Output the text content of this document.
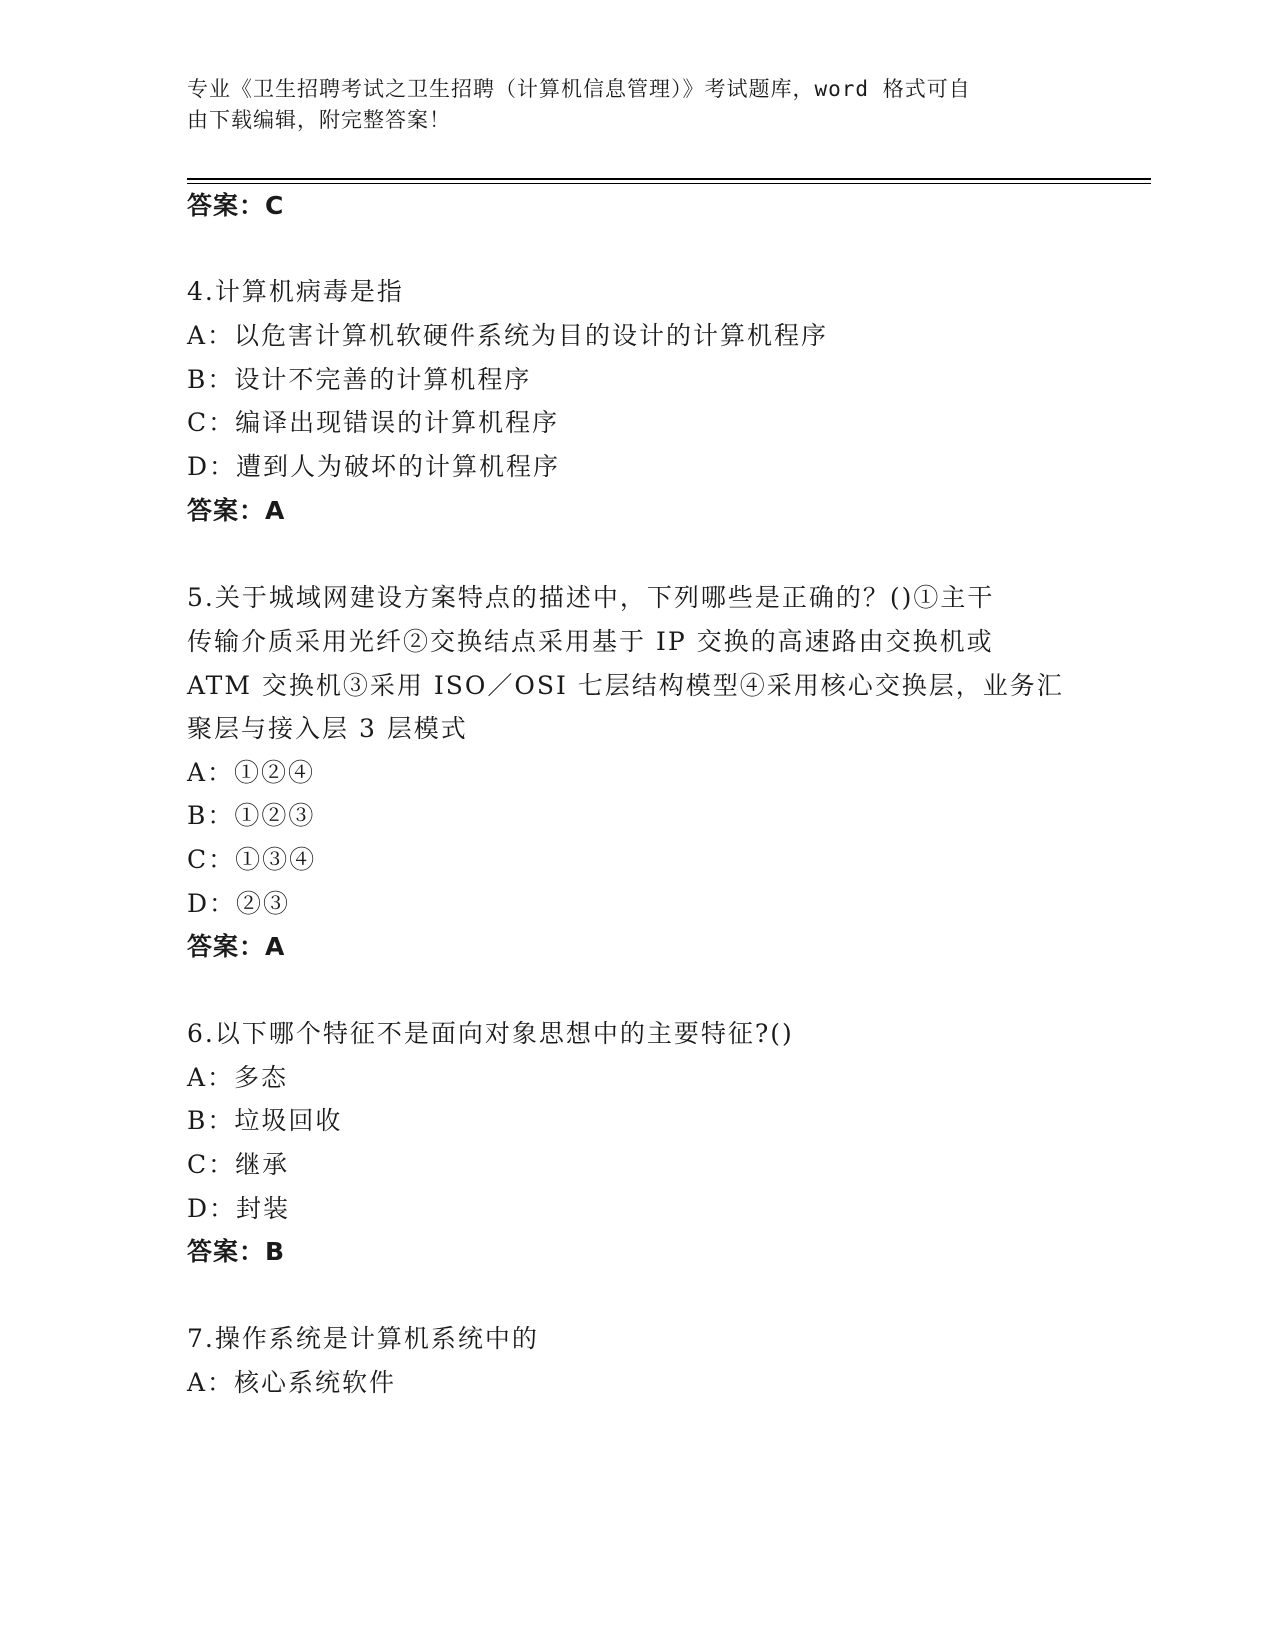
专业《卫生招聘考试之卫生招聘（计算机信息管理）》考试题库，word 格式可自
由下载编辑，附完整答案！
答案：C
4.计算机病毒是指
A：以危害计算机软硬件系统为目的设计的计算机程序
B：设计不完善的计算机程序
C：编译出现错误的计算机程序
D：遭到人为破坏的计算机程序
答案：A
5.关于城域网建设方案特点的描述中，下列哪些是正确的？()①主干
传输介质采用光纤②交换结点采用基于 IP 交换的高速路由交换机或
ATM 交换机③采用 ISO／OSI 七层结构模型④采用核心交换层，业务汇
聚层与接入层 3 层模式
A：①②④
B：①②③
C：①③④
D：②③
答案：A
6.以下哪个特征不是面向对象思想中的主要特征?()
A：多态
B：垃圾回收
C：继承
D：封装
答案：B
7.操作系统是计算机系统中的
A：核心系统软件
